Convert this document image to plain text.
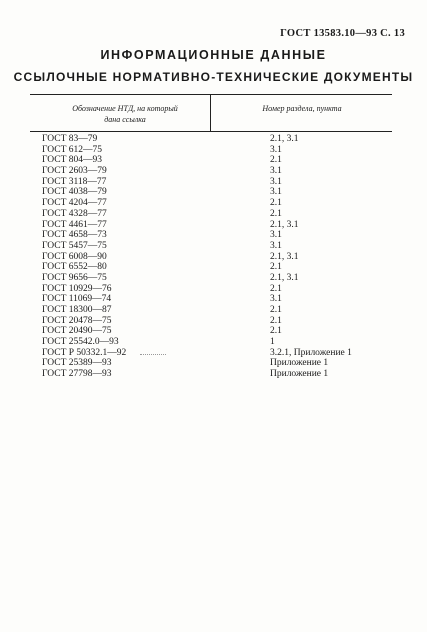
ГОСТ 13583.10—93 С. 13
ИНФОРМАЦИОННЫЕ ДАННЫЕ
ССЫЛОЧНЫЕ НОРМАТИВНО-ТЕХНИЧЕСКИЕ ДОКУМЕНТЫ
Обозначение НТД, на который
дана ссылка
Номер раздела, пункта
ГОСТ 83—79	2.1, 3.1
ГОСТ 612—75	3.1
ГОСТ 804—93	2.1
ГОСТ 2603—79	3.1
ГОСТ 3118—77	3.1
ГОСТ 4038—79	3.1
ГОСТ 4204—77	2.1
ГОСТ 4328—77	2.1
ГОСТ 4461—77	2.1, 3.1
ГОСТ 4658—73	3.1
ГОСТ 5457—75	3.1
ГОСТ 6008—90	2.1, 3.1
ГОСТ 6552—80	2.1
ГОСТ 9656—75	2.1, 3.1
ГОСТ 10929—76	2.1
ГОСТ 11069—74	3.1
ГОСТ 18300—87	2.1
ГОСТ 20478—75	2.1
ГОСТ 20490—75	2.1
ГОСТ 25542.0—93	1
ГОСТ Р 50332.1—92	3.2.1, Приложение 1
ГОСТ 25389—93	Приложение 1
ГОСТ 27798—93	Приложение 1
